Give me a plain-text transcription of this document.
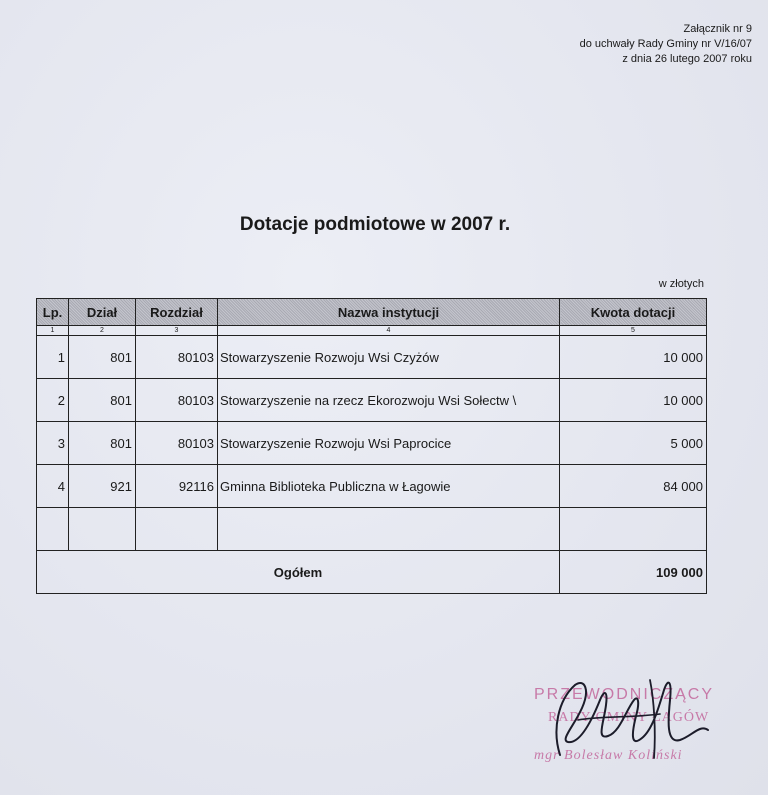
Załącznik nr 9
do uchwały Rady Gminy nr V/16/07
z dnia 26 lutego 2007 roku
Dotacje podmiotowe w 2007 r.
w złotych
Lp.	Dział	Rozdział	Nazwa instytucji	Kwota dotacji
1	2	3	4	5
1	801	80103	Stowarzyszenie Rozwoju Wsi Czyżów	10 000
2	801	80103	Stowarzyszenie na rzecz Ekorozwoju Wsi Sołectw \	10 000
3	801	80103	Stowarzyszenie Rozwoju Wsi Paprocice	5 000
4	921	92116	Gminna Biblioteka Publiczna w Łagowie	84 000

Ogółem				109 000
PRZEWODNICZĄCY
RADY GMINY ŁAGÓW
mgr Bolesław Koliński
